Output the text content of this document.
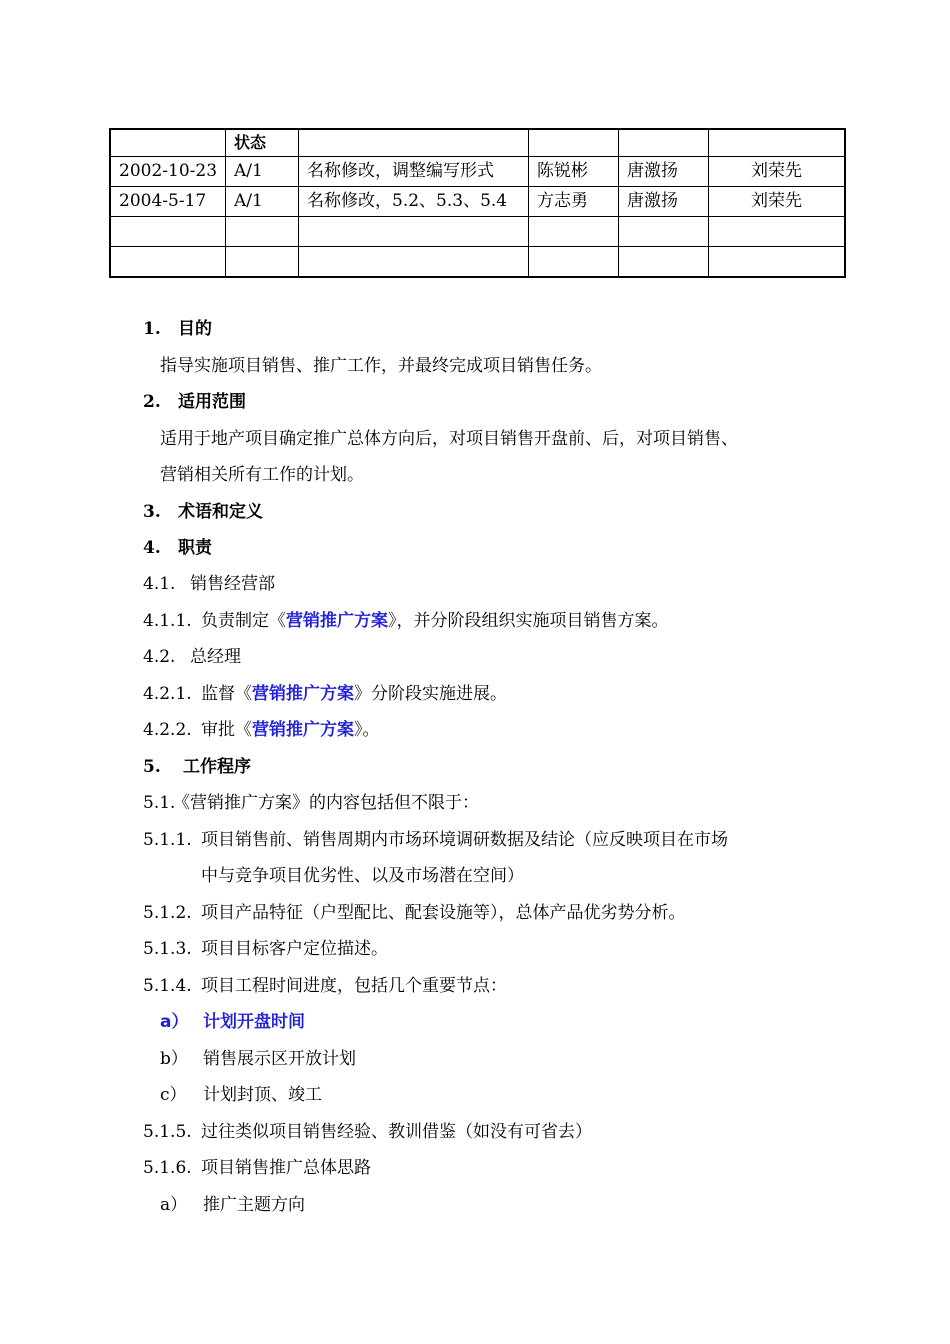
	状态				
2002-10-23	A/1	名称修改，调整编写形式	陈锐彬	唐激扬	刘荣先
2004-5-17	A/1	名称修改，5.2、5.3、5.4	方志勇	唐激扬	刘荣先

1. 目的
指导实施项目销售、推广工作，并最终完成项目销售任务。
2. 适用范围
适用于地产项目确定推广总体方向后，对项目销售开盘前、后，对项目销售、
营销相关所有工作的计划。
3. 术语和定义
4. 职责
4.1. 销售经营部
4.1.1. 负责制定《营销推广方案》，并分阶段组织实施项目销售方案。
4.2. 总经理
4.2.1. 监督《营销推广方案》分阶段实施进展。
4.2.2. 审批《营销推广方案》。
5. 工作程序
5.1.《营销推广方案》的内容包括但不限于：
5.1.1. 项目销售前、销售周期内市场环境调研数据及结论（应反映项目在市场
中与竞争项目优劣性、以及市场潜在空间）
5.1.2. 项目产品特征（户型配比、配套设施等），总体产品优劣势分析。
5.1.3. 项目目标客户定位描述。
5.1.4. 项目工程时间进度，包括几个重要节点：
a） 计划开盘时间
b） 销售展示区开放计划
c） 计划封顶、竣工
5.1.5. 过往类似项目销售经验、教训借鉴（如没有可省去）
5.1.6. 项目销售推广总体思路
a） 推广主题方向
